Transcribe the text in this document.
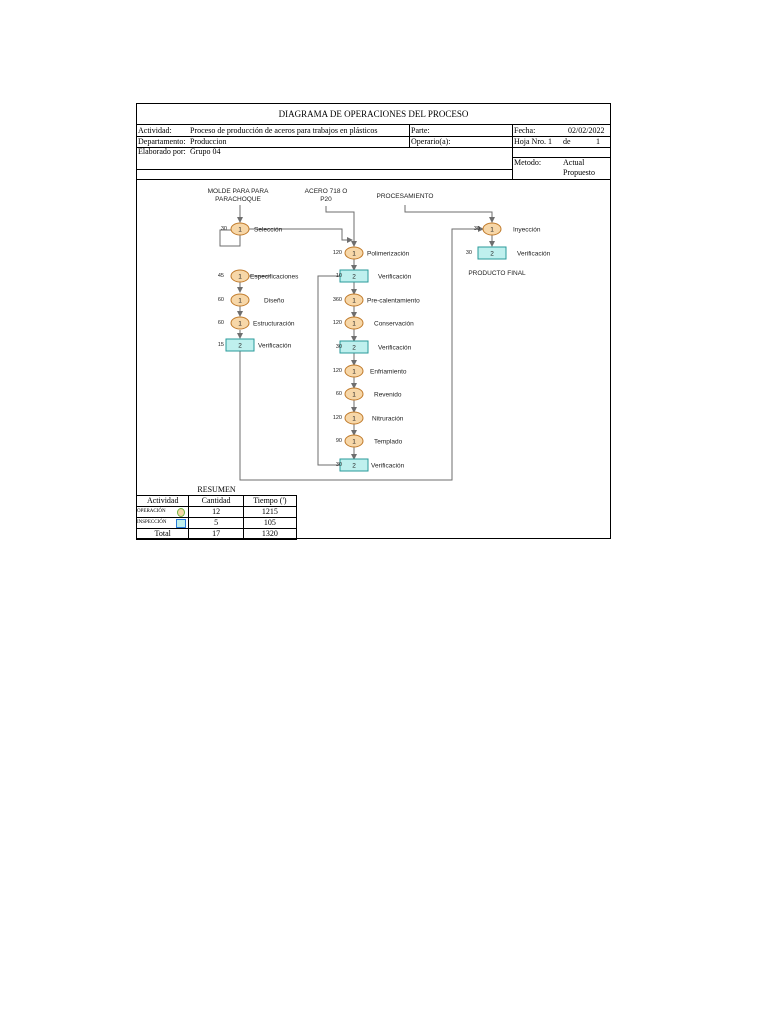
DIAGRAMA DE OPERACIONES DEL PROCESO
Actividad: Proceso de producción de aceros para trabajos en plásticos	Parte:	Fecha:	02/02/2022
Departamento: Produccion	Operario(a):	Hoja Nro. 1 de	1
Elaborado por: Grupo 04
Metodo:	Actual
Propuesto
MOLDE PARA PARA
PARACHOQUE
ACERO 718 O
P20	PROCESAMIENTO
1
30	Selección
1
45	Especificaciones
1
60	Diseño
1
60	Estructuración
2
15	Verificación
1
120	Polimerización
2
10	Verificación
1
360	Pre-calentamiento
1
120	Conservación
2
30	Verificación
1
120	Enfriamiento
1
60	Revenido
1
120	Nitruración
1
90	Templado
2
30	Verificación
1
30	Inyección
2
30	Verificación
PRODUCTO FINAL
RESUMEN		
Actividad	Cantidad	Tiempo (')
OPERACIÓN	12	1215
INSPECCIÓN	5	105
Total	17	1320
